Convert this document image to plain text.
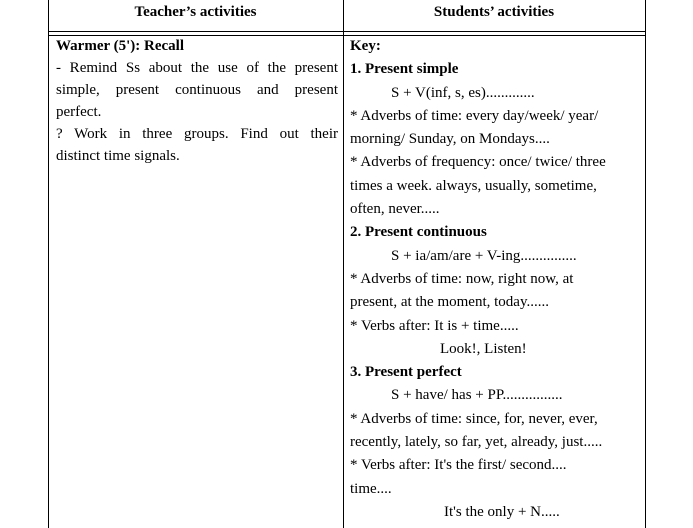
Teacher’s activities	Students’ activities
Warmer (5'): Recall
- Remind Ss about the use of the present
simple, present continuous and present
perfect.
? Work in three groups. Find out their
distinct time signals.
Key:
1. Present simple
S + V(inf, s, es).............
* Adverbs of time: every day/week/ year/
morning/ Sunday, on Mondays....
* Adverbs of frequency: once/ twice/ three
times a week. always, usually, sometime,
often, never.....
2. Present continuous
S + ia/am/are + V-ing...............
* Adverbs of time: now, right now, at
present, at the moment, today......
* Verbs after: It is + time.....
Look!, Listen!
3. Present perfect
S + have/ has + PP................
* Adverbs of time: since, for, never, ever,
recently, lately, so far, yet, already, just.....
* Verbs after: It's the first/ second....
time....
It's the only + N.....
